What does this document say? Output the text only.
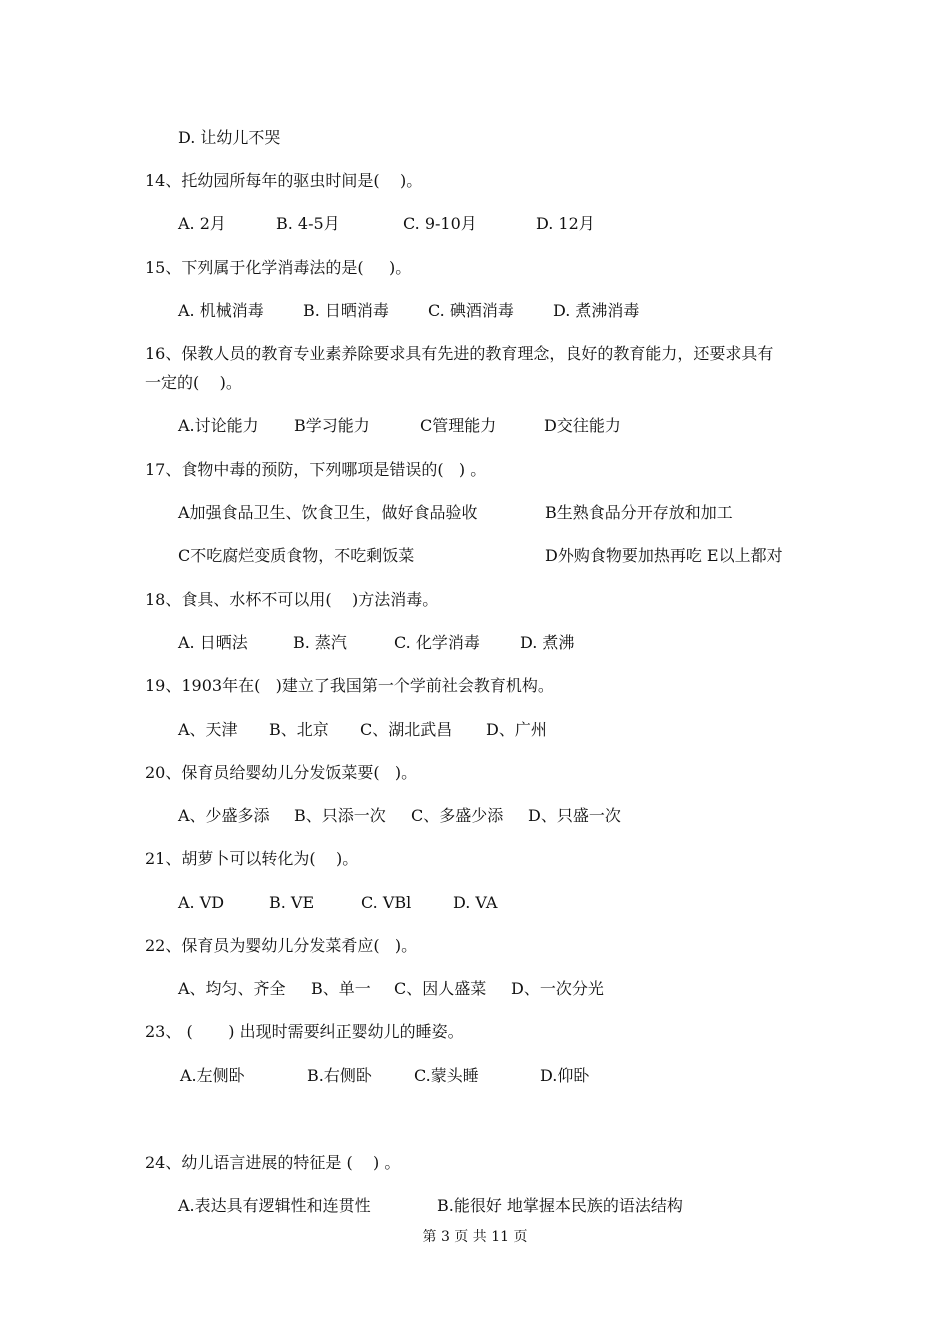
D. 让幼儿不哭
14、托幼园所每年的驱虫时间是(    )。

A. 2月

	B. 4-5月

	C. 9-10月

	D. 12月

15、下列属于化学消毒法的是(     )。

A. 机械消毒

B. 日晒消毒

C. 碘酒消毒

D. 煮沸消毒

16、保教人员的教育专业素养除要求具有先进的教育理念，良好的教育能力，还要求具有
一定的(    )。

A.讨论能力

B学习能力

	C管理能力

	D交往能力

17、食物中毒的预防，下列哪项是错误的(   ) 。

A加强食品卫生、饮食卫生，做好食品验收

	B生熟食品分开存放和加工

C不吃腐烂变质食物，不吃剩饭菜

	D外购食物要加热再吃 E以上都对

18、食具、水杯不可以用(    )方法消毒。

A. 日晒法

	B. 蒸汽

	C. 化学消毒

	D. 煮沸

19、1903年在(   )建立了我国第一个学前社会教育机构。

A、天津

B、北京

C、湖北武昌

D、广州

20、保育员给婴幼儿分发饭菜要(   )。

A、少盛多添

B、只添一次

C、多盛少添

D、只盛一次

21、胡萝卜可以转化为(    )。

A. VD

	B. VE

	C. VBl

	D. VA

22、保育员为婴幼儿分发菜肴应(   )。

A、均匀、齐全

B、单一

C、因人盛菜

D、一次分光

23、 (       ) 出现时需要纠正婴幼儿的睡姿。

A.左侧卧

	B.右侧卧

	C.蒙头睡

	D.仰卧

24、幼儿语言进展的特征是 (    ) 。

A.表达具有逻辑性和连贯性

	B.能很好 地掌握本民族的语法结构

第 3 页 共 11 页
